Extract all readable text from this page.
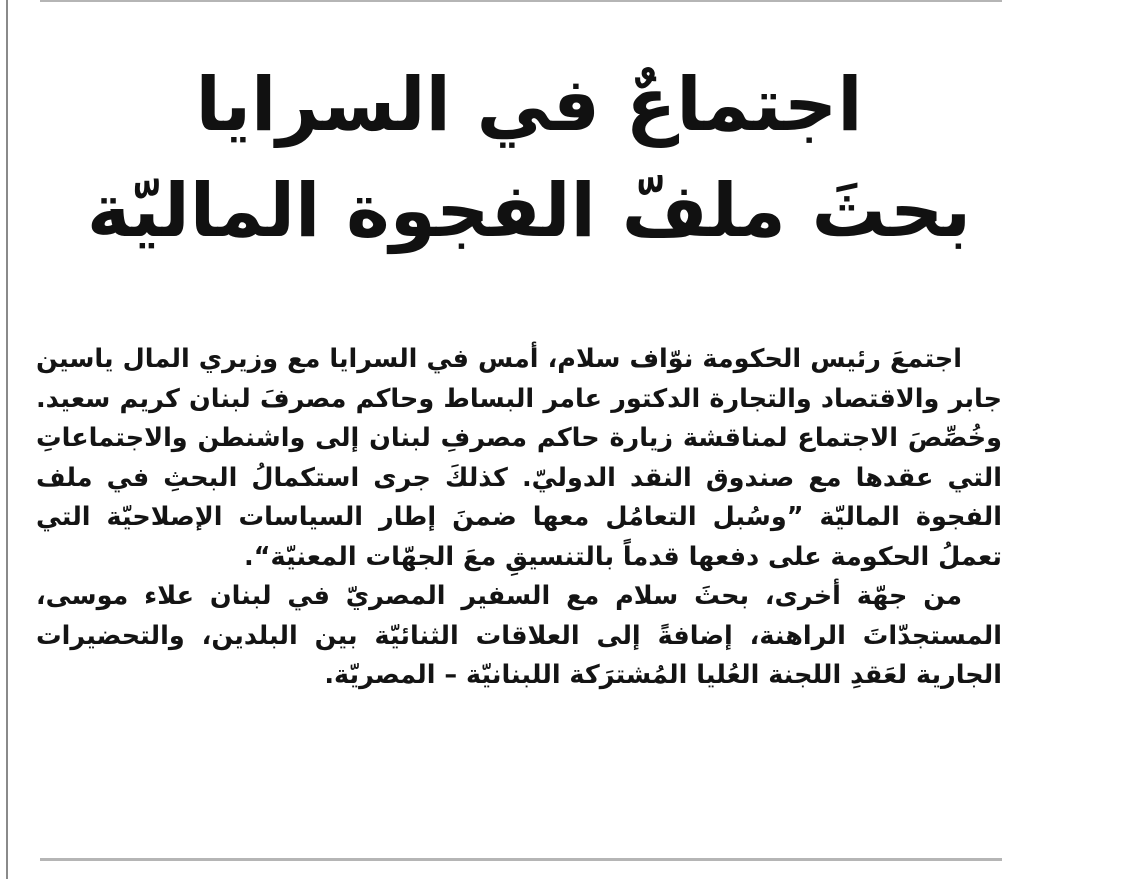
اجتماعٌ في السرايا
بحثَ ملفّ الفجوة الماليّة

اجتمعَ رئيس الحكومة نوّاف سلام، أمس في السرايا مع وزيري المال ياسين جابر والاقتصاد والتجارة الدكتور عامر البساط وحاكم مصرفَ لبنان كريم سعيد. وخُصِّصَ الاجتماع لمناقشة زيارة حاكم مصرفِ لبنان إلى واشنطن والاجتماعاتِ التي عقدها مع صندوق النقد الدوليّ. كذلكَ جرى استكمالُ البحثِ في ملف الفجوة الماليّة ”وسُبل التعامُل معها ضمنَ إطار السياسات الإصلاحيّة التي تعملُ الحكومة على دفعها قدماً بالتنسيقِ معَ الجهّات المعنيّة“.

من جهّة أخرى، بحثَ سلام مع السفير المصريّ في لبنان علاء موسى، المستجدّاتَ الراهنة، إضافةً إلى العلاقات الثنائيّة بين البلدين، والتحضيرات الجارية لعَقدِ اللجنة العُليا المُشترَكة اللبنانيّة – المصريّة.
